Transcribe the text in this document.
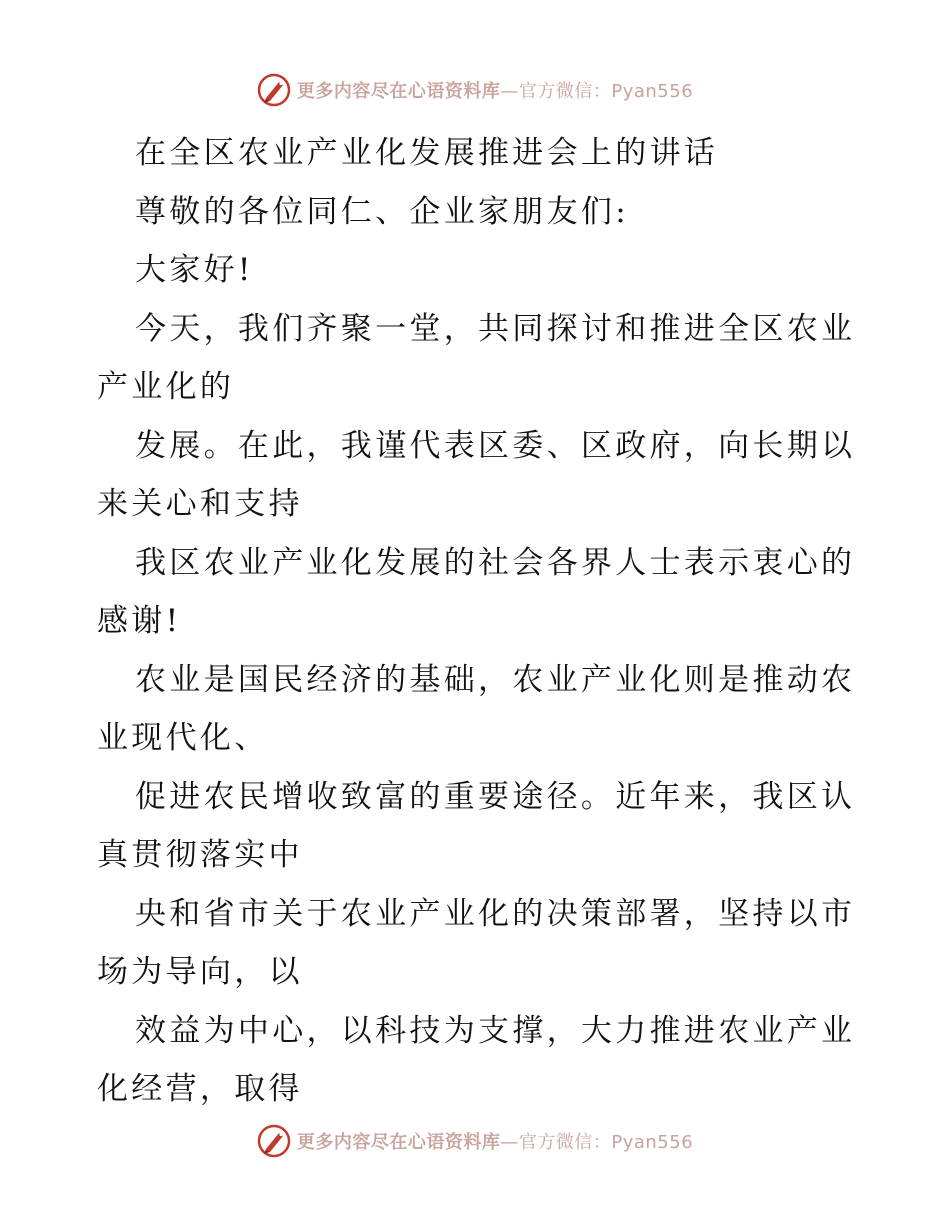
更多内容尽在心语资料库—官方微信：Pyan556
在全区农业产业化发展推进会上的讲话
尊敬的各位同仁、企业家朋友们:
大家好!
今天，我们齐聚一堂，共同探讨和推进全区农业
产业化的
发展。在此，我谨代表区委、区政府，向长期以
来关心和支持
我区农业产业化发展的社会各界人士表示衷心的
感谢!
农业是国民经济的基础，农业产业化则是推动农
业现代化、
促进农民增收致富的重要途径。近年来，我区认
真贯彻落实中
央和省市关于农业产业化的决策部署，坚持以市
场为导向，以
效益为中心，以科技为支撑，大力推进农业产业
化经营，取得
更多内容尽在心语资料库—官方微信：Pyan556
